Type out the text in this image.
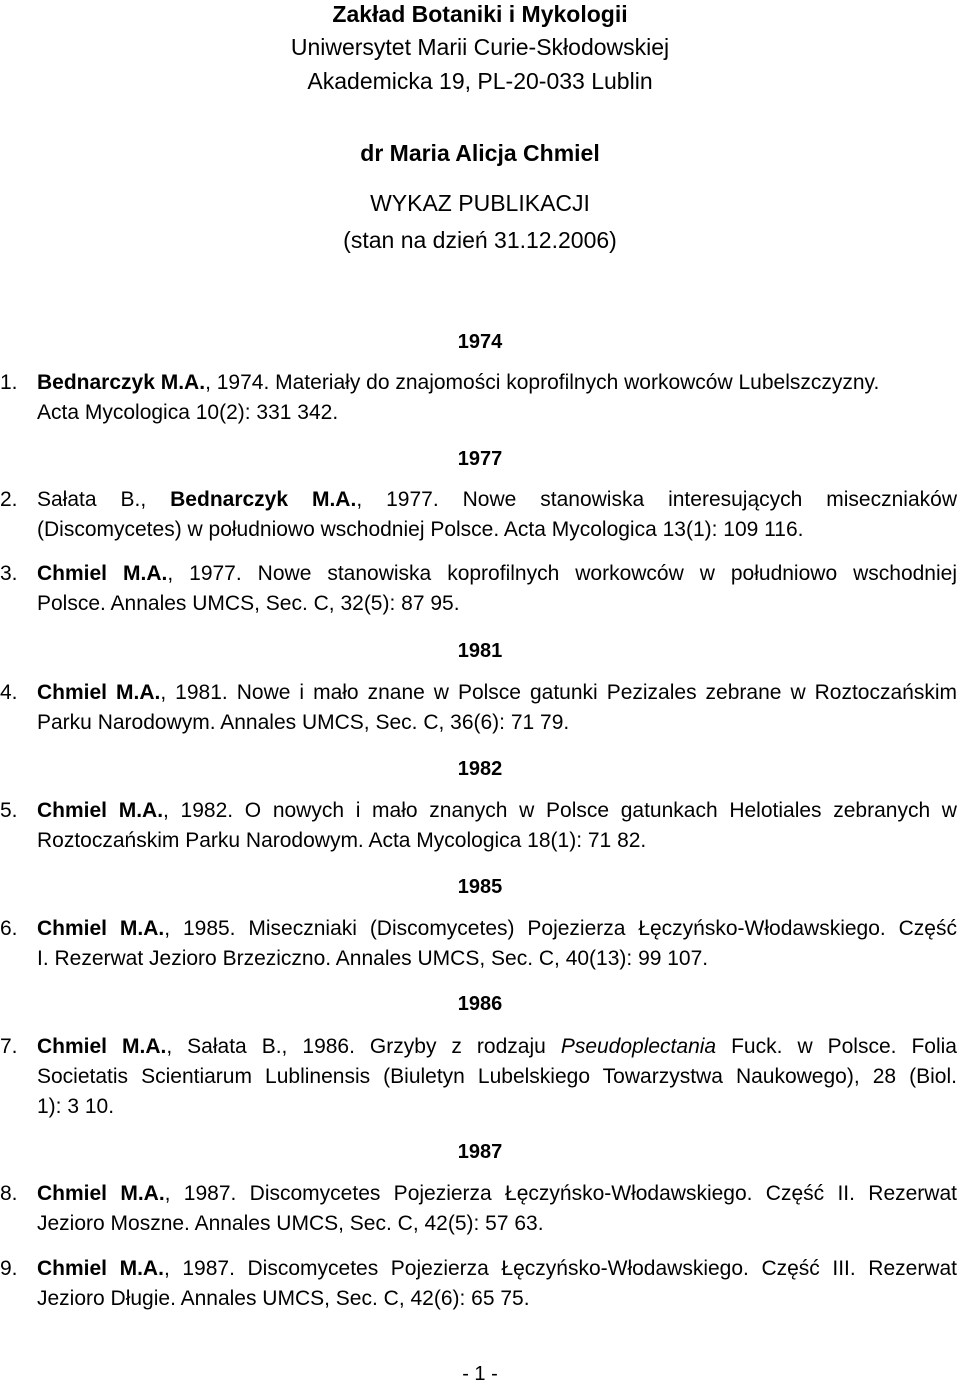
Zakład Botaniki i Mykologii
Uniwersytet Marii Curie-Skłodowskiej
Akademicka 19, PL-20-033 Lublin
dr Maria Alicja Chmiel
WYKAZ PUBLIKACJI
(stan na dzień 31.12.2006)
1974
1. Bednarczyk M.A., 1974. Materiały do znajomości koprofilnych workowców Lubelszczyzny.
Acta Mycologica 10(2): 331 342.
1977
2. Sałata B., Bednarczyk M.A., 1977. Nowe stanowiska interesujących miseczniaków
(Discomycetes) w południowo wschodniej Polsce. Acta Mycologica 13(1): 109 116.
3. Chmiel M.A., 1977. Nowe stanowiska koprofilnych workowców w południowo wschodniej
Polsce. Annales UMCS, Sec. C, 32(5): 87 95.
1981
4. Chmiel M.A., 1981. Nowe i mało znane w Polsce gatunki Pezizales zebrane w Roztoczańskim
Parku Narodowym. Annales UMCS, Sec. C, 36(6): 71 79.
1982
5. Chmiel M.A., 1982. O nowych i mało znanych w Polsce gatunkach Helotiales zebranych w
Roztoczańskim Parku Narodowym. Acta Mycologica 18(1): 71 82.
1985
6. Chmiel M.A., 1985. Miseczniaki (Discomycetes) Pojezierza Łęczyńsko-Włodawskiego. Część
I. Rezerwat Jezioro Brzeziczno. Annales UMCS, Sec. C, 40(13): 99 107.
1986
7. Chmiel M.A., Sałata B., 1986. Grzyby z rodzaju Pseudoplectania Fuck. w Polsce. Folia
Societatis Scientiarum Lublinensis (Biuletyn Lubelskiego Towarzystwa Naukowego), 28 (Biol.
1): 3 10.
1987
8. Chmiel M.A., 1987. Discomycetes Pojezierza Łęczyńsko-Włodawskiego. Część II. Rezerwat
Jezioro Moszne. Annales UMCS, Sec. C, 42(5): 57 63.
9. Chmiel M.A., 1987. Discomycetes Pojezierza Łęczyńsko-Włodawskiego. Część III. Rezerwat
Jezioro Długie. Annales UMCS, Sec. C, 42(6): 65 75.
- 1 -
